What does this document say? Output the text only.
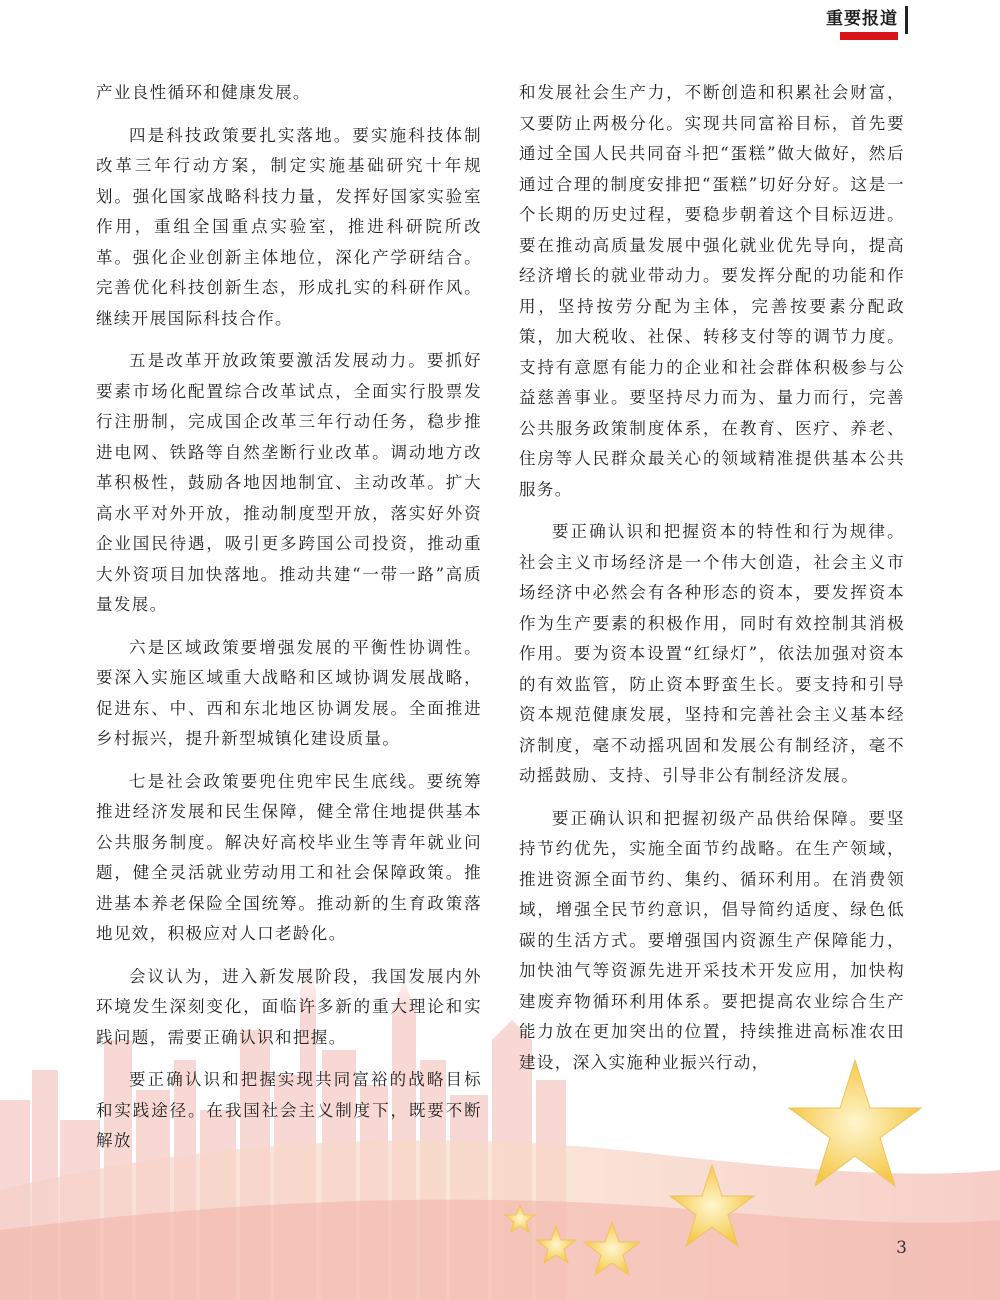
重要报道

产业良性循环和健康发展。

四是科技政策要扎实落地。要实施科技体制改革三年行动方案，制定实施基础研究十年规划。强化国家战略科技力量，发挥好国家实验室作用，重组全国重点实验室，推进科研院所改革。强化企业创新主体地位，深化产学研结合。完善优化科技创新生态，形成扎实的科研作风。继续开展国际科技合作。

五是改革开放政策要激活发展动力。要抓好要素市场化配置综合改革试点，全面实行股票发行注册制，完成国企改革三年行动任务，稳步推进电网、铁路等自然垄断行业改革。调动地方改革积极性，鼓励各地因地制宜、主动改革。扩大高水平对外开放，推动制度型开放，落实好外资企业国民待遇，吸引更多跨国公司投资，推动重大外资项目加快落地。推动共建“一带一路”高质量发展。

六是区域政策要增强发展的平衡性协调性。要深入实施区域重大战略和区域协调发展战略，促进东、中、西和东北地区协调发展。全面推进乡村振兴，提升新型城镇化建设质量。

七是社会政策要兜住兜牢民生底线。要统筹推进经济发展和民生保障，健全常住地提供基本公共服务制度。解决好高校毕业生等青年就业问题，健全灵活就业劳动用工和社会保障政策。推进基本养老保险全国统筹。推动新的生育政策落地见效，积极应对人口老龄化。

会议认为，进入新发展阶段，我国发展内外环境发生深刻变化，面临许多新的重大理论和实践问题，需要正确认识和把握。

要正确认识和把握实现共同富裕的战略目标和实践途径。在我国社会主义制度下，既要不断解放

和发展社会生产力，不断创造和积累社会财富，又要防止两极分化。实现共同富裕目标，首先要通过全国人民共同奋斗把“蛋糕”做大做好，然后通过合理的制度安排把“蛋糕”切好分好。这是一个长期的历史过程，要稳步朝着这个目标迈进。要在推动高质量发展中强化就业优先导向，提高经济增长的就业带动力。要发挥分配的功能和作用，坚持按劳分配为主体，完善按要素分配政策，加大税收、社保、转移支付等的调节力度。支持有意愿有能力的企业和社会群体积极参与公益慈善事业。要坚持尽力而为、量力而行，完善公共服务政策制度体系，在教育、医疗、养老、住房等人民群众最关心的领域精准提供基本公共服务。

要正确认识和把握资本的特性和行为规律。社会主义市场经济是一个伟大创造，社会主义市场经济中必然会有各种形态的资本，要发挥资本作为生产要素的积极作用，同时有效控制其消极作用。要为资本设置“红绿灯”，依法加强对资本的有效监管，防止资本野蛮生长。要支持和引导资本规范健康发展，坚持和完善社会主义基本经济制度，毫不动摇巩固和发展公有制经济，毫不动摇鼓励、支持、引导非公有制经济发展。

要正确认识和把握初级产品供给保障。要坚持节约优先，实施全面节约战略。在生产领域，推进资源全面节约、集约、循环利用。在消费领域，增强全民节约意识，倡导简约适度、绿色低碳的生活方式。要增强国内资源生产保障能力，加快油气等资源先进开采技术开发应用，加快构建废弃物循环利用体系。要把提高农业综合生产能力放在更加突出的位置，持续推进高标准农田建设，深入实施种业振兴行动，

3
